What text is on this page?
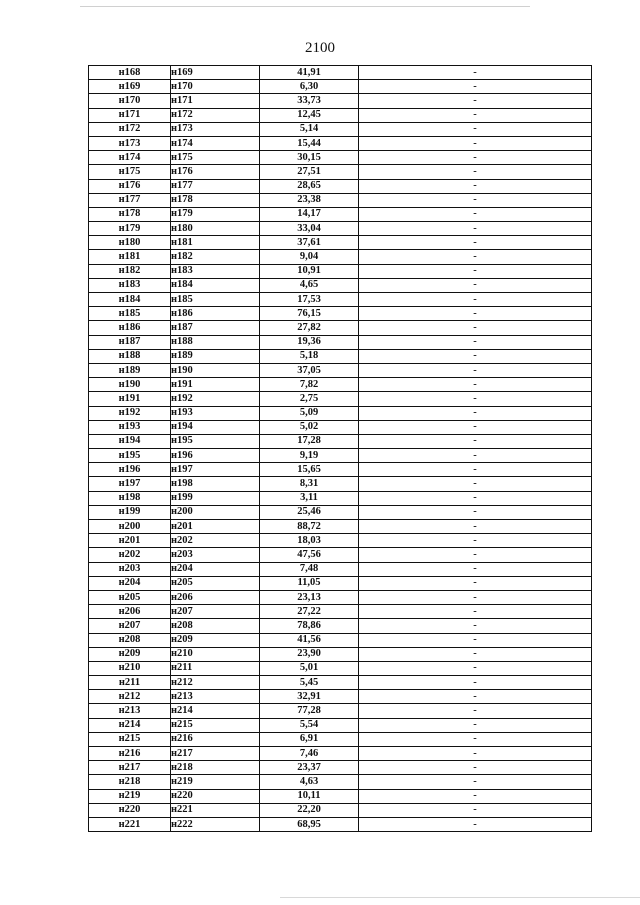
2100
н168	н169	41,91	-
н169	н170	6,30	-
н170	н171	33,73	-
н171	н172	12,45	-
н172	н173	5,14	-
н173	н174	15,44	-
н174	н175	30,15	-
н175	н176	27,51	-
н176	н177	28,65	-
н177	н178	23,38	-
н178	н179	14,17	-
н179	н180	33,04	-
н180	н181	37,61	-
н181	н182	9,04	-
н182	н183	10,91	-
н183	н184	4,65	-
н184	н185	17,53	-
н185	н186	76,15	-
н186	н187	27,82	-
н187	н188	19,36	-
н188	н189	5,18	-
н189	н190	37,05	-
н190	н191	7,82	-
н191	н192	2,75	-
н192	н193	5,09	-
н193	н194	5,02	-
н194	н195	17,28	-
н195	н196	9,19	-
н196	н197	15,65	-
н197	н198	8,31	-
н198	н199	3,11	-
н199	н200	25,46	-
н200	н201	88,72	-
н201	н202	18,03	-
н202	н203	47,56	-
н203	н204	7,48	-
н204	н205	11,05	-
н205	н206	23,13	-
н206	н207	27,22	-
н207	н208	78,86	-
н208	н209	41,56	-
н209	н210	23,90	-
н210	н211	5,01	-
н211	н212	5,45	-
н212	н213	32,91	-
н213	н214	77,28	-
н214	н215	5,54	-
н215	н216	6,91	-
н216	н217	7,46	-
н217	н218	23,37	-
н218	н219	4,63	-
н219	н220	10,11	-
н220	н221	22,20	-
н221	н222	68,95	-
